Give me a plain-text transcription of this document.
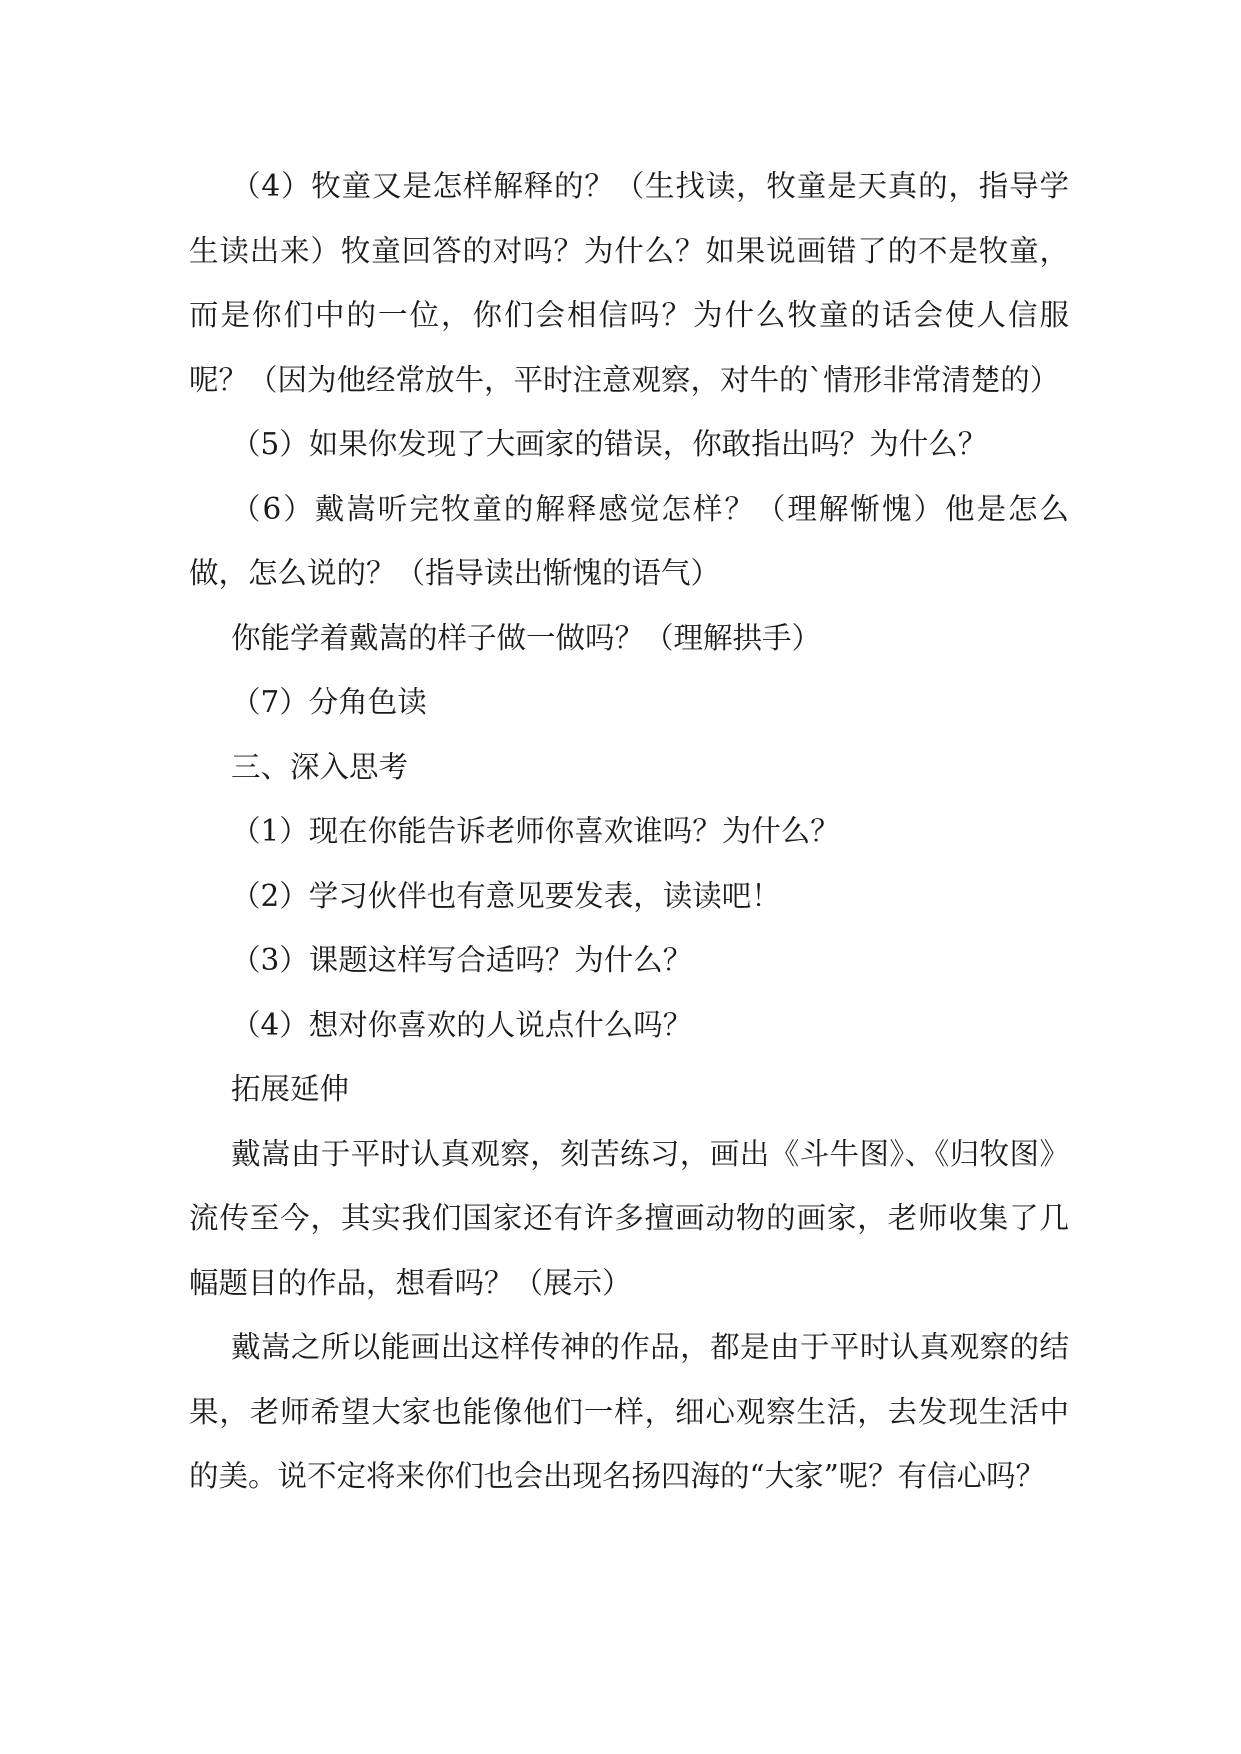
（4）牧童又是怎样解释的？（生找读，牧童是天真的，指导学生读出来）牧童回答的对吗？为什么？如果说画错了的不是牧童，而是你们中的一位，你们会相信吗？为什么牧童的话会使人信服呢？（因为他经常放牛，平时注意观察，对牛的`情形非常清楚的）

（5）如果你发现了大画家的错误，你敢指出吗？为什么？

（6）戴嵩听完牧童的解释感觉怎样？（理解惭愧）他是怎么做，怎么说的？（指导读出惭愧的语气）

你能学着戴嵩的样子做一做吗？（理解拱手）

（7）分角色读

三、深入思考

（1）现在你能告诉老师你喜欢谁吗？为什么？

（2）学习伙伴也有意见要发表，读读吧！

（3）课题这样写合适吗？为什么？

（4）想对你喜欢的人说点什么吗？

拓展延伸

戴嵩由于平时认真观察，刻苦练习，画出《斗牛图》、《归牧图》流传至今，其实我们国家还有许多擅画动物的画家，老师收集了几幅题目的作品，想看吗？（展示）

戴嵩之所以能画出这样传神的作品，都是由于平时认真观察的结果，老师希望大家也能像他们一样，细心观察生活，去发现生活中的美。说不定将来你们也会出现名扬四海的“大家”呢？有信心吗？
